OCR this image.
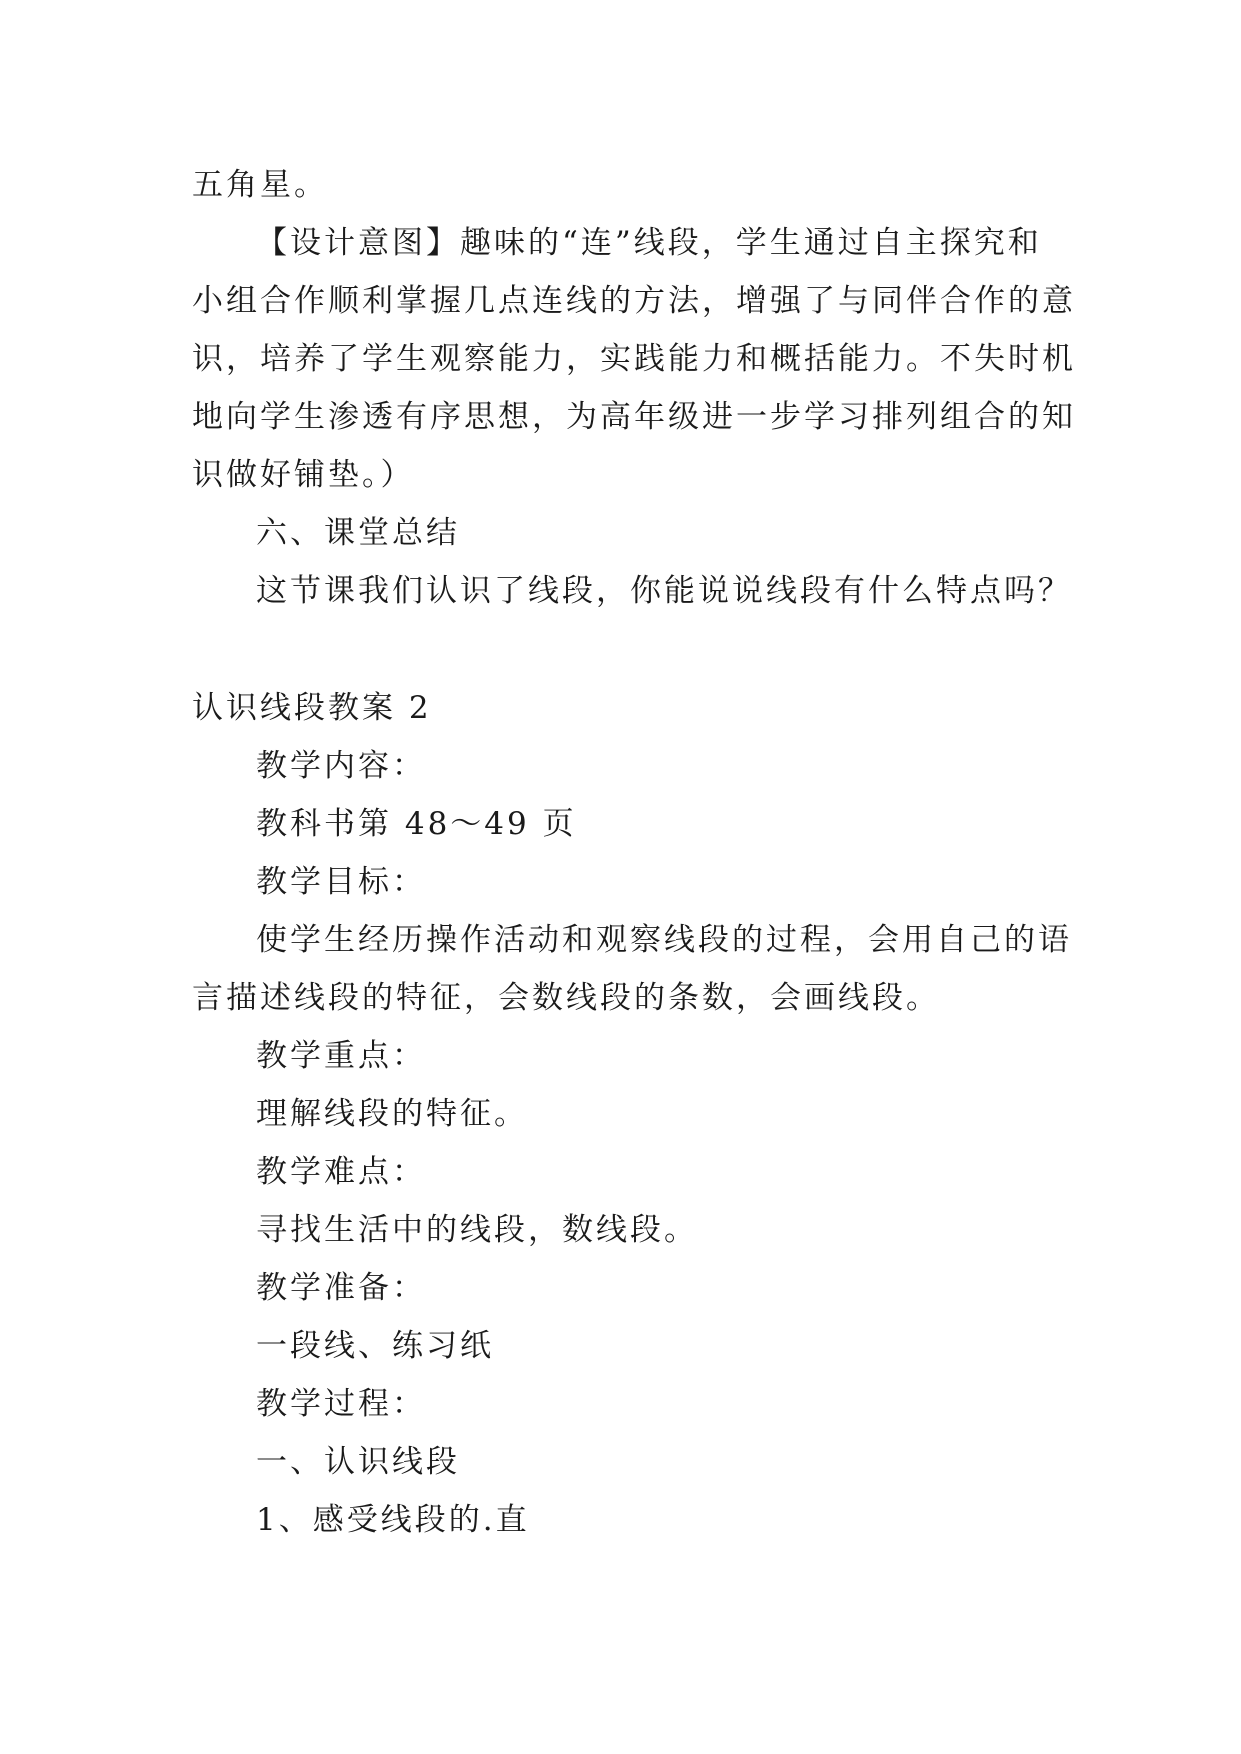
五角星。
【设计意图】趣味的“连”线段，学生通过自主探究和
小组合作顺利掌握几点连线的方法，增强了与同伴合作的意
识，培养了学生观察能力，实践能力和概括能力。不失时机
地向学生渗透有序思想，为高年级进一步学习排列组合的知
识做好铺垫。）
六、课堂总结
这节课我们认识了线段，你能说说线段有什么特点吗？
认识线段教案 2
教学内容：
教科书第 48～49 页
教学目标：
使学生经历操作活动和观察线段的过程，会用自己的语
言描述线段的特征，会数线段的条数，会画线段。
教学重点：
理解线段的特征。
教学难点：
寻找生活中的线段，数线段。
教学准备：
一段线、练习纸
教学过程：
一、认识线段
1、感受线段的.直
